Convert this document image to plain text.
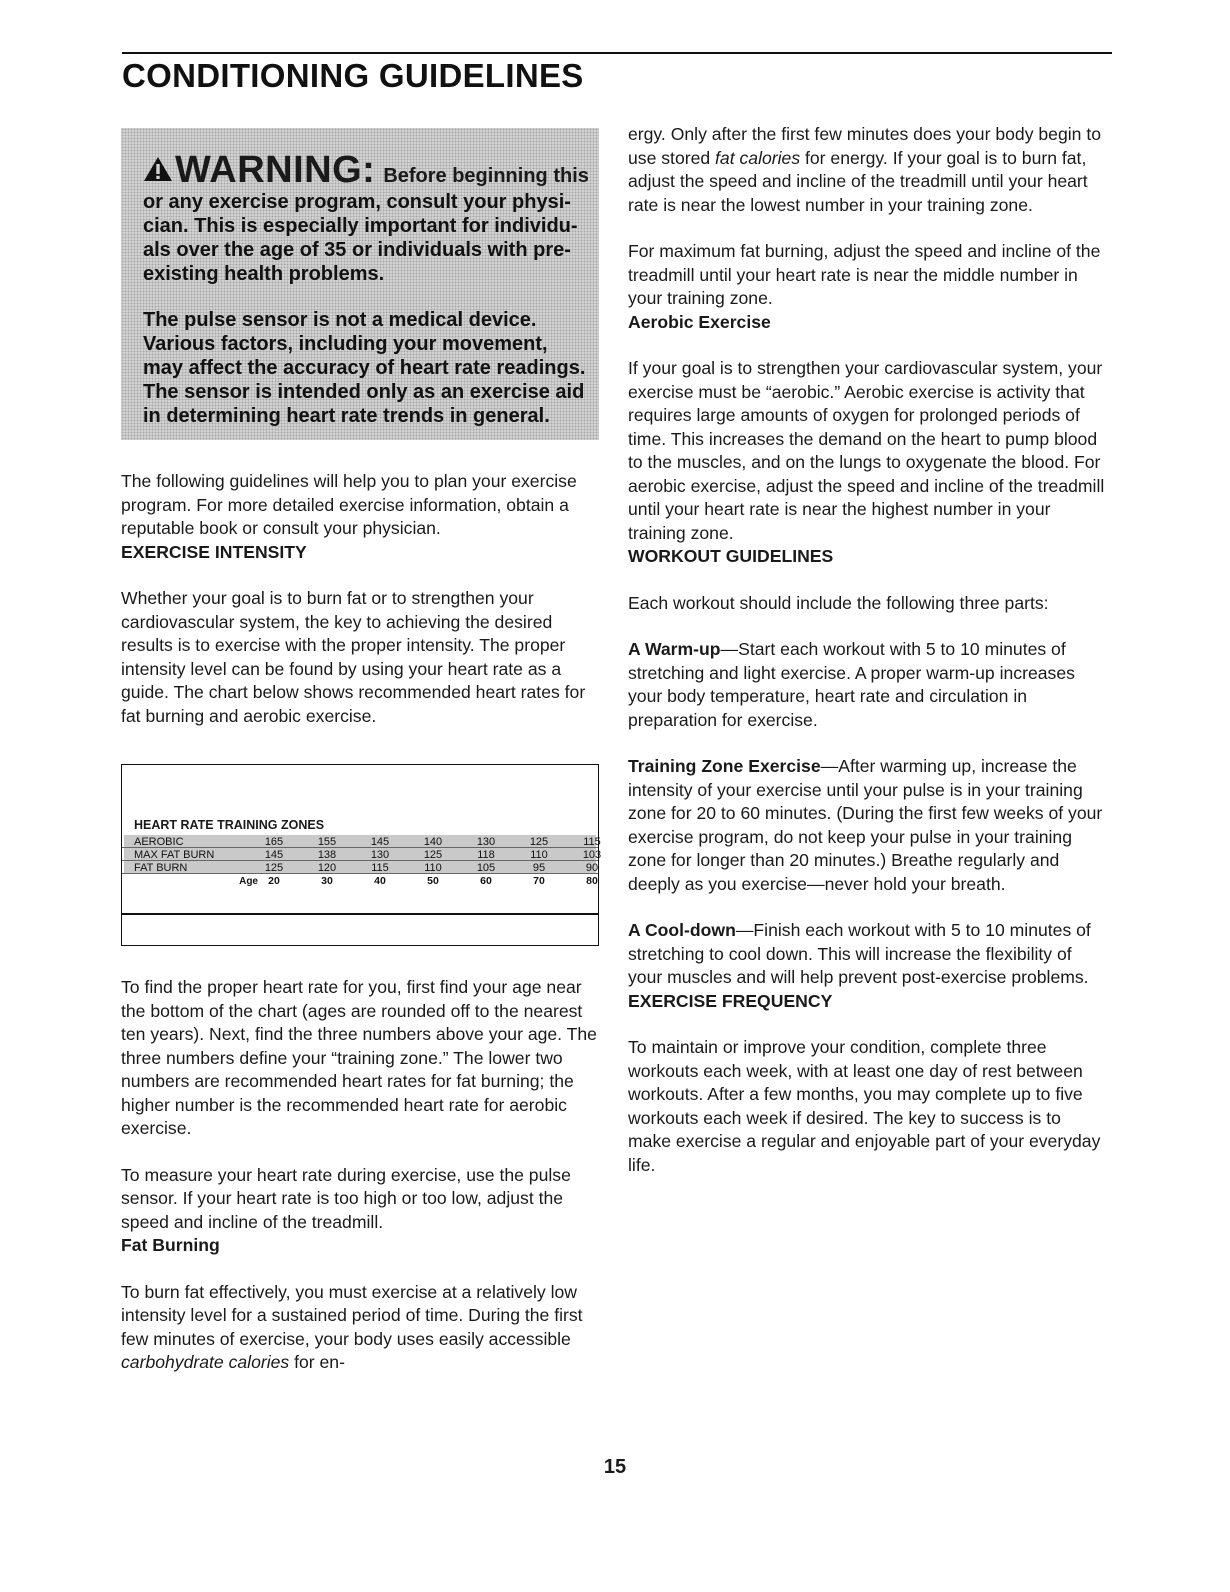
CONDITIONING GUIDELINES
WARNING: Before beginning this
or any exercise program, consult your physi-
cian. This is especially important for individu-
als over the age of 35 or individuals with pre-
existing health problems.
The pulse sensor is not a medical device.
Various factors, including your movement,
may affect the accuracy of heart rate readings.
The sensor is intended only as an exercise aid
in determining heart rate trends in general.

The following guidelines will help you to plan your exercise program. For more detailed exercise information, obtain a reputable book or consult your physician.

EXERCISE INTENSITY

Whether your goal is to burn fat or to strengthen your cardiovascular system, the key to achieving the desired results is to exercise with the proper intensity. The proper intensity level can be found by using your heart rate as a guide. The chart below shows recommended heart rates for fat burning and aerobic exercise.

HEART RATE TRAINING ZONES
AEROBIC	165	155	145	140	130	125	115
MAX FAT BURN	145	138	130	125	118	110	103
FAT BURN	125	120	115	110	105	95	90
Age 20	30	40	50	60	70	80

To find the proper heart rate for you, first find your age near the bottom of the chart (ages are rounded off to the nearest ten years). Next, find the three numbers above your age. The three numbers define your “training zone.” The lower two numbers are recommended heart rates for fat burning; the higher number is the recommended heart rate for aerobic exercise.

To measure your heart rate during exercise, use the pulse sensor. If your heart rate is too high or too low, adjust the speed and incline of the treadmill.

Fat Burning

To burn fat effectively, you must exercise at a relatively low intensity level for a sustained period of time. During the first few minutes of exercise, your body uses easily accessible carbohydrate calories for en-

ergy. Only after the first few minutes does your body begin to use stored fat calories for energy. If your goal is to burn fat, adjust the speed and incline of the treadmill until your heart rate is near the lowest number in your training zone.

For maximum fat burning, adjust the speed and incline of the treadmill until your heart rate is near the middle number in your training zone.

Aerobic Exercise

If your goal is to strengthen your cardiovascular system, your exercise must be “aerobic.” Aerobic exercise is activity that requires large amounts of oxygen for prolonged periods of time. This increases the demand on the heart to pump blood to the muscles, and on the lungs to oxygenate the blood. For aerobic exercise, adjust the speed and incline of the treadmill until your heart rate is near the highest number in your training zone.

WORKOUT GUIDELINES

Each workout should include the following three parts:

A Warm-up—Start each workout with 5 to 10 minutes of stretching and light exercise. A proper warm-up increases your body temperature, heart rate and circulation in preparation for exercise.

Training Zone Exercise—After warming up, increase the intensity of your exercise until your pulse is in your training zone for 20 to 60 minutes. (During the first few weeks of your exercise program, do not keep your pulse in your training zone for longer than 20 minutes.) Breathe regularly and deeply as you exercise—never hold your breath.

A Cool-down—Finish each workout with 5 to 10 minutes of stretching to cool down. This will increase the flexibility of your muscles and will help prevent post-exercise problems.

EXERCISE FREQUENCY

To maintain or improve your condition, complete three workouts each week, with at least one day of rest between workouts. After a few months, you may complete up to five workouts each week if desired. The key to success is to make exercise a regular and enjoyable part of your everyday life.

15
